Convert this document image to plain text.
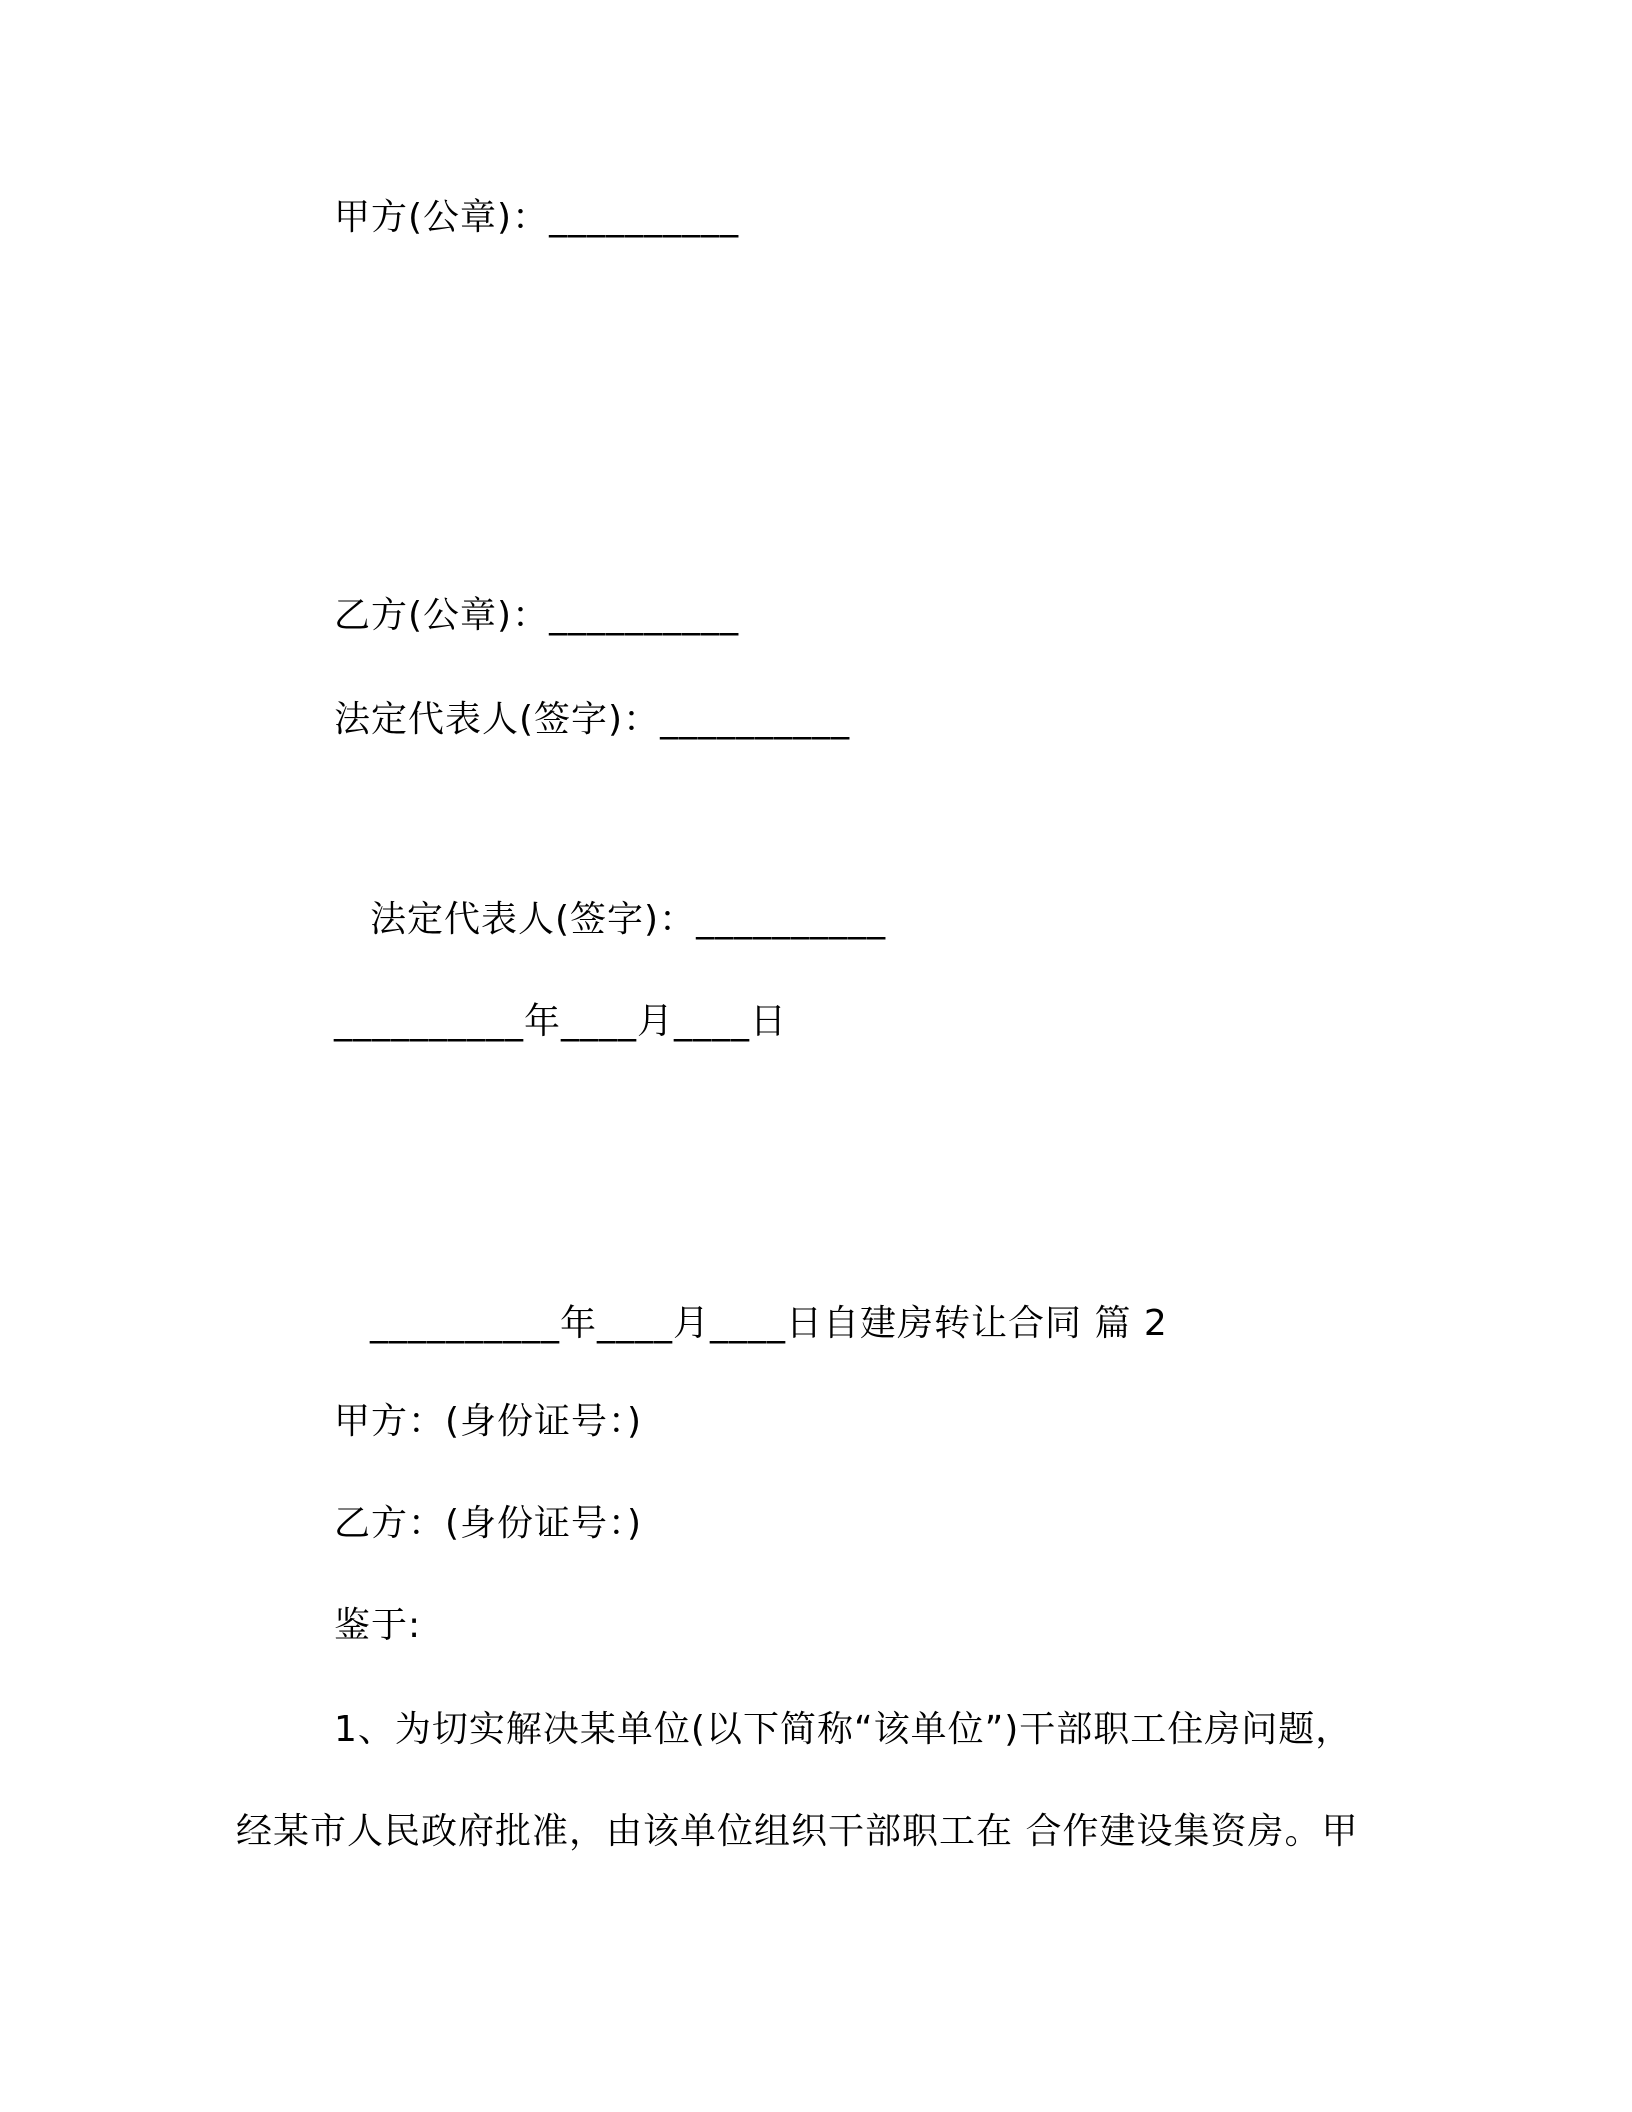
甲方(公章)：__________
乙方(公章)：__________
法定代表人(签字)：__________
法定代表人(签字)：__________
__________年____月____日
__________年____月____日自建房转让合同 篇 2
甲方：(身份证号：)
乙方：(身份证号：)
鉴于:
1、为切实解决某单位(以下简称“该单位”)干部职工住房问题，
经某市人民政府批准，由该单位组织干部职工在 合作建设集资房。甲
